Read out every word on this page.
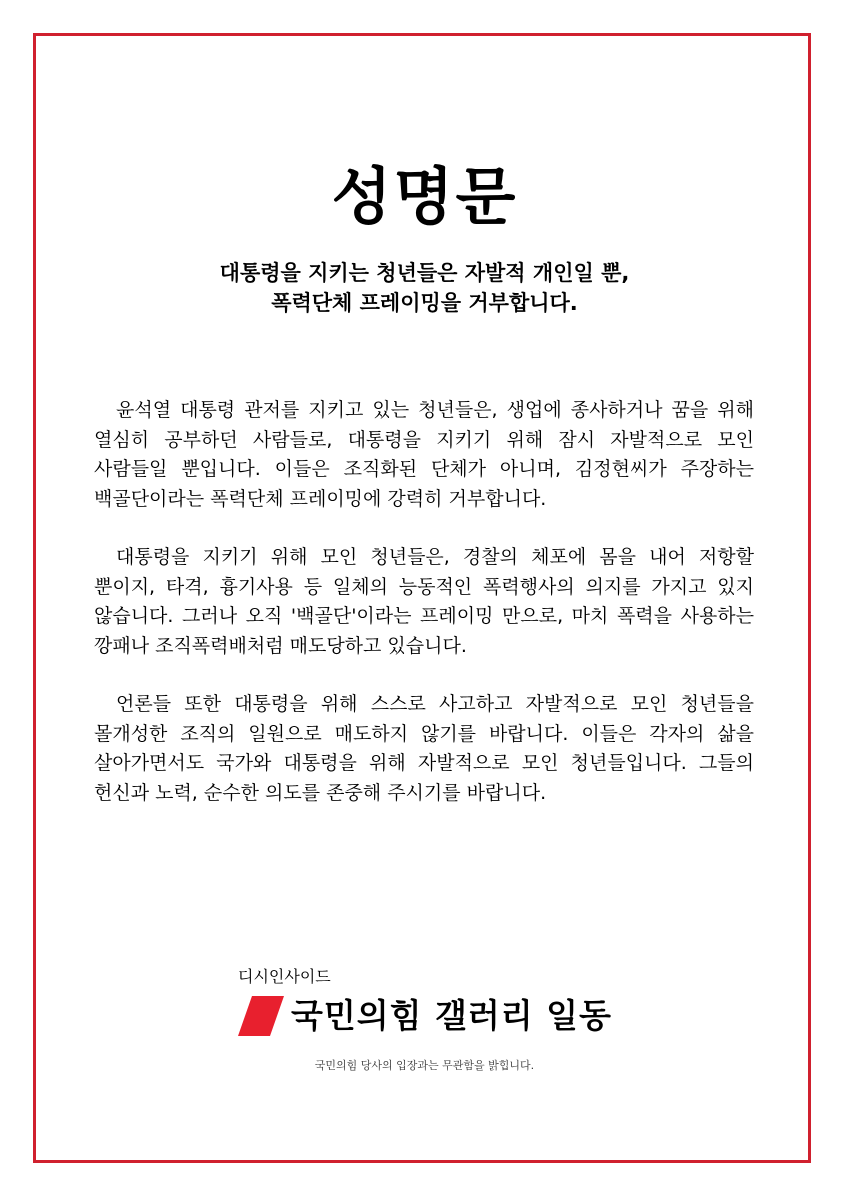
성명문
대통령을 지키는 청년들은 자발적 개인일 뿐,
폭력단체 프레이밍을 거부합니다.

윤석열 대통령 관저를 지키고 있는 청년들은, 생업에 종사하거나 꿈을 위해 열심히 공부하던 사람들로, 대통령을 지키기 위해 잠시 자발적으로 모인 사람들일 뿐입니다. 이들은 조직화된 단체가 아니며, 김정현씨가 주장하는 백골단이라는 폭력단체 프레이밍에 강력히 거부합니다.

대통령을 지키기 위해 모인 청년들은, 경찰의 체포에 몸을 내어 저항할 뿐이지, 타격, 흉기사용 등 일체의 능동적인 폭력행사의 의지를 가지고 있지 않습니다. 그러나 오직 '백골단'이라는 프레이밍 만으로, 마치 폭력을 사용하는 깡패나 조직폭력배처럼 매도당하고 있습니다.

언론들 또한 대통령을 위해 스스로 사고하고 자발적으로 모인 청년들을 몰개성한 조직의 일원으로 매도하지 않기를 바랍니다. 이들은 각자의 삶을 살아가면서도 국가와 대통령을 위해 자발적으로 모인 청년들입니다. 그들의 헌신과 노력, 순수한 의도를 존중해 주시기를 바랍니다.

디시인사이드
국민의힘 갤러리 일동
국민의힘 당사의 입장과는 무관함을 밝힙니다.
